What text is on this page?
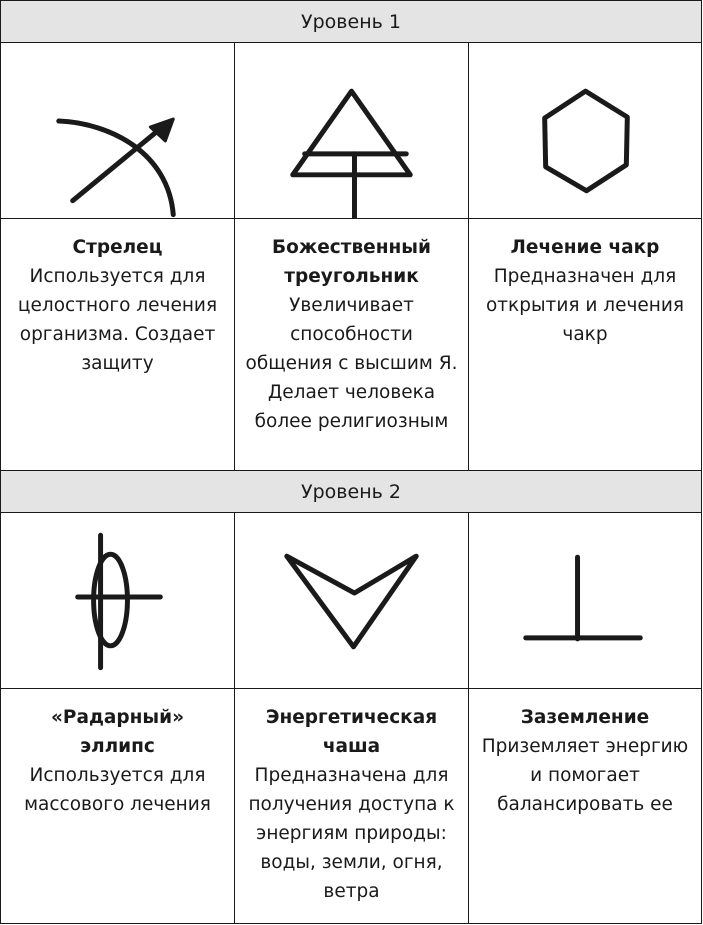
Уровень 1
Стрелец
Используется для целостного лечения организма. Создает защиту
Божественный треугольник
Увеличивает способности общения с высшим Я. Делает человека более религиозным
Лечение чакр
Предназначен для открытия и лечения чакр
Уровень 2
«Радарный» эллипс
Используется для массового лечения
Энергетическая чаша
Предназначена для получения доступа к энергиям природы: воды, земли, огня, ветра
Заземление
Приземляет энергию и помогает балансировать ее
